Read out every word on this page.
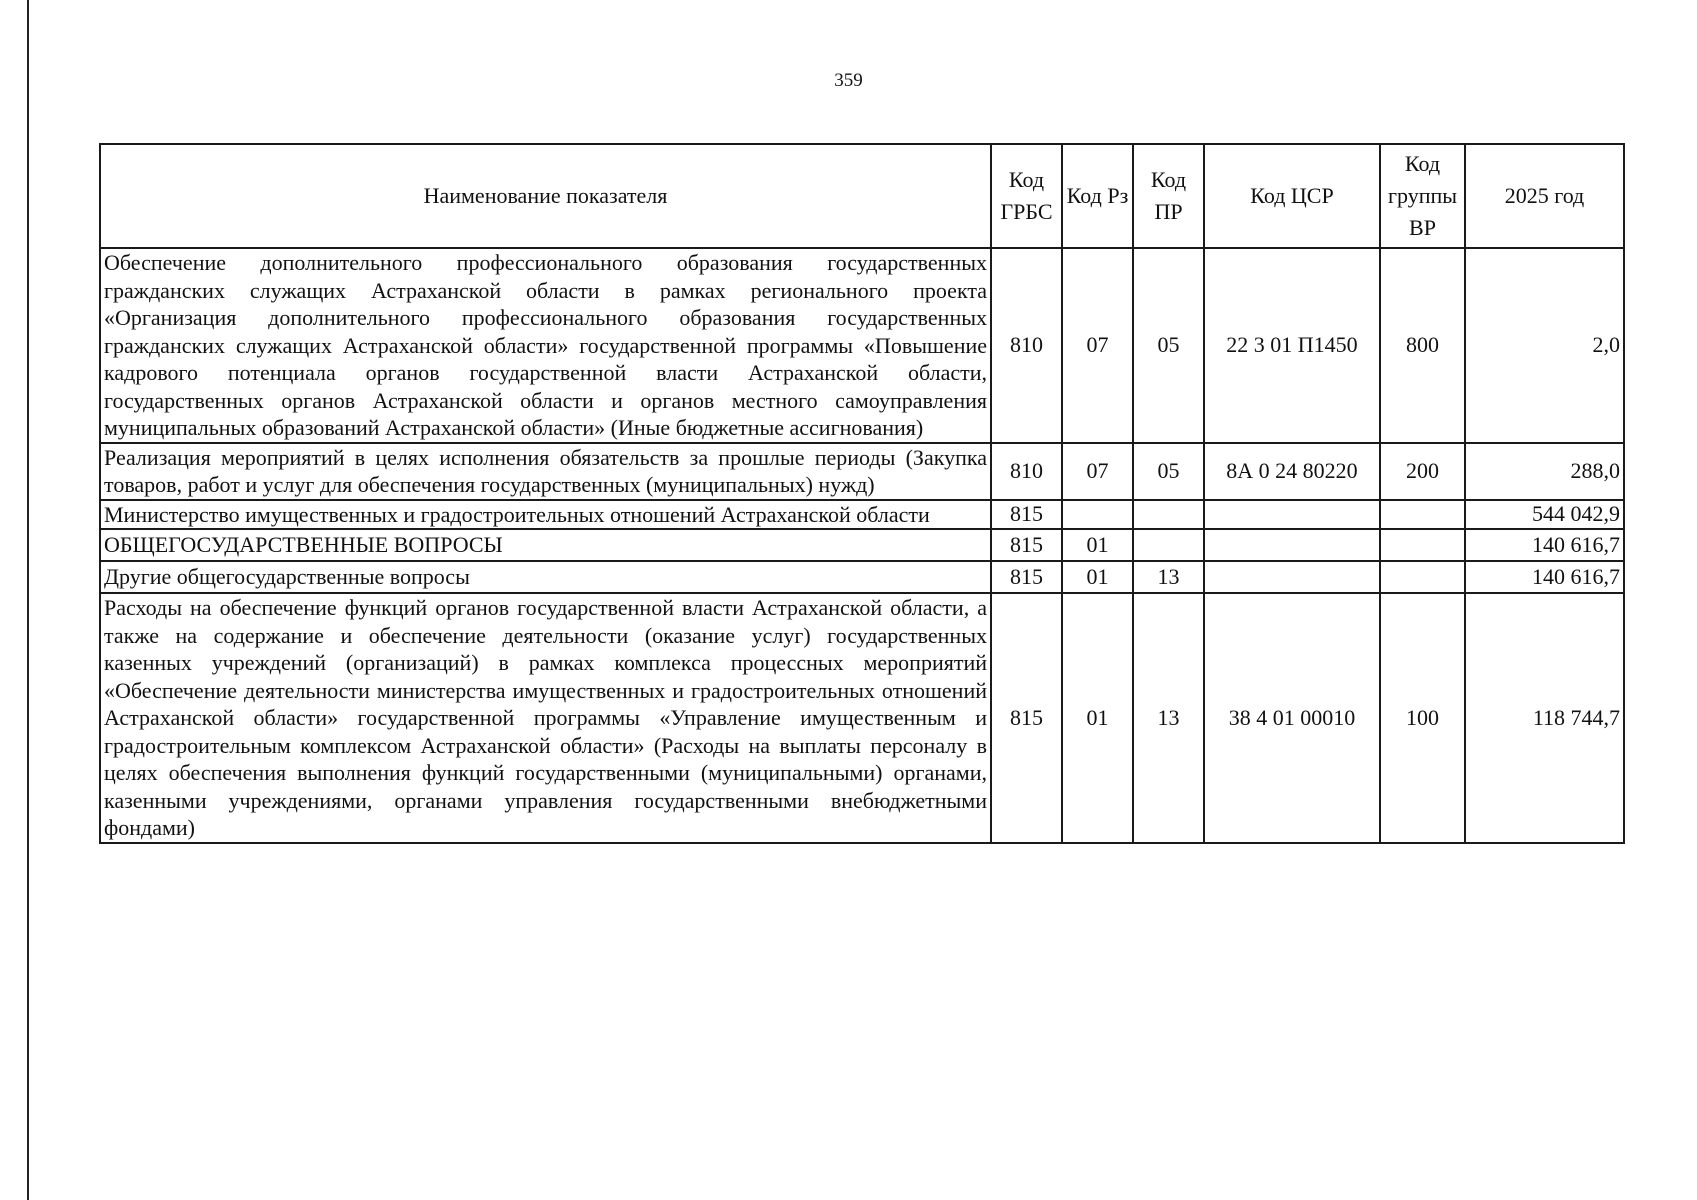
359
Наименование показателя	Код ГРБС	Код Рз	Код ПР	Код ЦСР	Код группы ВР	2025 год
Обеспечение дополнительного профессионального образования государственных гражданских служащих Астраханской области в рамках регионального проекта «Организация дополнительного профессионального образования государственных гражданских служащих Астраханской области» государственной программы «Повышение кадрового потенциала органов государственной власти Астраханской области, государственных органов Астраханской области и органов местного самоуправления муниципальных образований Астраханской области» (Иные бюджетные ассигнования)	810	07	05	22 3 01 П1450	800	2,0
Реализация мероприятий в целях исполнения обязательств за прошлые периоды (Закупка товаров, работ и услуг для обеспечения государственных (муниципальных) нужд)	810	07	05	8А 0 24 80220	200	288,0
Министерство имущественных и градостроительных отношений Астраханской области	815					544 042,9
ОБЩЕГОСУДАРСТВЕННЫЕ ВОПРОСЫ	815	01				140 616,7
Другие общегосударственные вопросы	815	01	13			140 616,7
Расходы на обеспечение функций органов государственной власти Астраханской области, а также на содержание и обеспечение деятельности (оказание услуг) государственных казенных учреждений (организаций) в рамках комплекса процессных мероприятий «Обеспечение деятельности министерства имущественных и градостроительных отношений Астраханской области» государственной программы «Управление имущественным и градостроительным комплексом Астраханской области» (Расходы на выплаты персоналу в целях обеспечения выполнения функций государственными (муниципальными) органами, казенными учреждениями, органами управления государственными внебюджетными фондами)	815	01	13	38 4 01 00010	100	118 744,7
